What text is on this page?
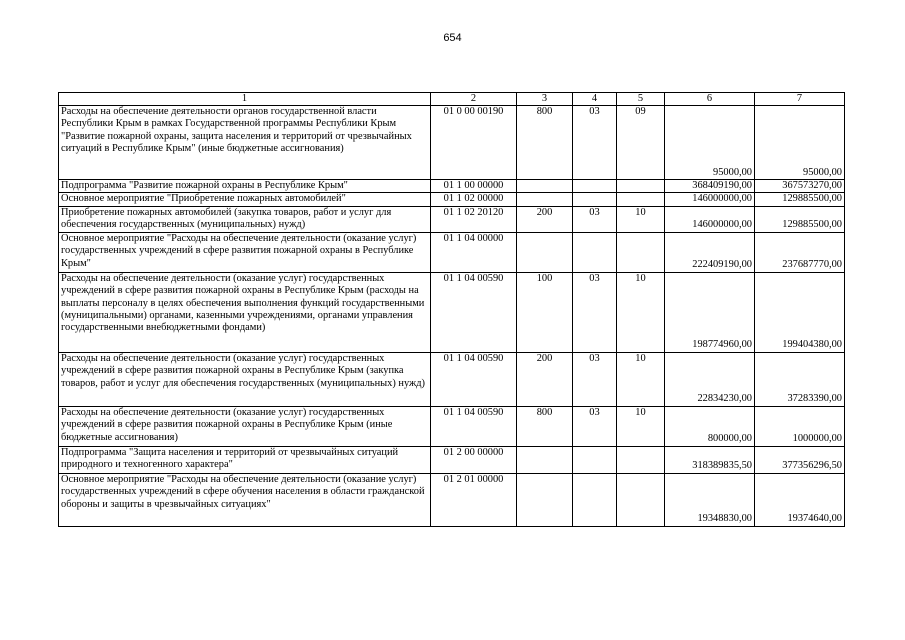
654
1	2	3	4	5	6	7
Расходы на обеспечение деятельности органов государственной власти Республики Крым в рамках Государственной программы Республики Крым "Развитие пожарной охраны, защита населения и территорий от чрезвычайных ситуаций в Республике Крым" (иные бюджетные ассигнования)	01 0 00 00190	800	03	09	95000,00	95000,00
Подпрограмма "Развитие пожарной охраны в Республике Крым"	01 1 00 00000				368409190,00	367573270,00
Основное мероприятие "Приобретение пожарных автомобилей"	01 1 02 00000				146000000,00	129885500,00
Приобретение пожарных автомобилей (закупка товаров, работ и услуг для обеспечения государственных (муниципальных) нужд)	01 1 02 20120	200	03	10	146000000,00	129885500,00
Основное мероприятие "Расходы на обеспечение деятельности (оказание услуг) государственных учреждений в сфере развития пожарной охраны в Республике Крым"	01 1 04 00000				222409190,00	237687770,00
Расходы на обеспечение деятельности (оказание услуг) государственных учреждений в сфере развития пожарной охраны в Республике Крым (расходы на выплаты персоналу в целях обеспечения выполнения функций государственными (муниципальными) органами, казенными учреждениями, органами управления государственными внебюджетными фондами)	01 1 04 00590	100	03	10	198774960,00	199404380,00
Расходы на обеспечение деятельности (оказание услуг) государственных учреждений в сфере развития пожарной охраны в Республике Крым (закупка товаров, работ и услуг для обеспечения государственных (муниципальных) нужд)	01 1 04 00590	200	03	10	22834230,00	37283390,00
Расходы на обеспечение деятельности (оказание услуг) государственных учреждений в сфере развития пожарной охраны в Республике Крым (иные бюджетные ассигнования)	01 1 04 00590	800	03	10	800000,00	1000000,00
Подпрограмма "Защита населения и территорий от чрезвычайных ситуаций природного и техногенного характера"	01 2 00 00000				318389835,50	377356296,50
Основное мероприятие "Расходы на обеспечение деятельности (оказание услуг) государственных учреждений в сфере обучения населения в области гражданской обороны и защиты в чрезвычайных ситуациях"	01 2 01 00000				19348830,00	19374640,00
